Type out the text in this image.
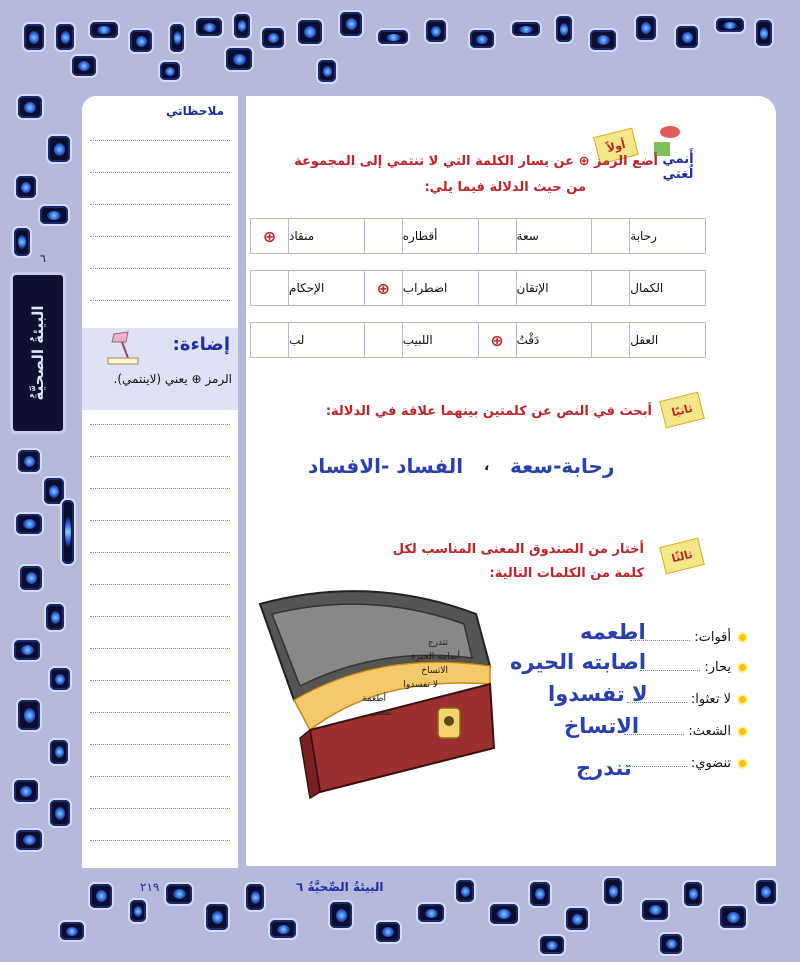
٦
البيئةُ الصحيَّةُ
ملاحظاتي
إضاءة:
الرمز ⊕ يعني (لاينتمي).
أَنمي لُغتي
أولاً
أضع الرمز ⊕ عن يسار الكلمة التي لا تنتمي إلى المجموعة
من حيث الدلالة فيما يلي:
رحابة
سعة
أقطاره
منقاد
⊕
الكمال
الإتقان
اضطراب
⊕
الإحكام
العقل
دَقْتُ
⊕
اللبيب
لب
ثانيًا
أبحث في النص عن كلمتين بينهما علاقة في الدلالة:
رحابة-سعة
،
الفساد -الافساد
ثالثًا
أختار من الصندوق المعنى المناسب لكل
كلمة من الكلمات التالية:
تتدرج
أصابته الحيرة
الاتساخ
لا تفسدوا
أطعمة
تسعى
أقوات:
اطعمه
يحار:
اصابته الحيره
لا تعثوا:
لا تفسدوا
الشعث:
الاتساخ
تنضوي:
تندرج
البيئةُ الصِّحيَّةُ ٦
٢١٩
